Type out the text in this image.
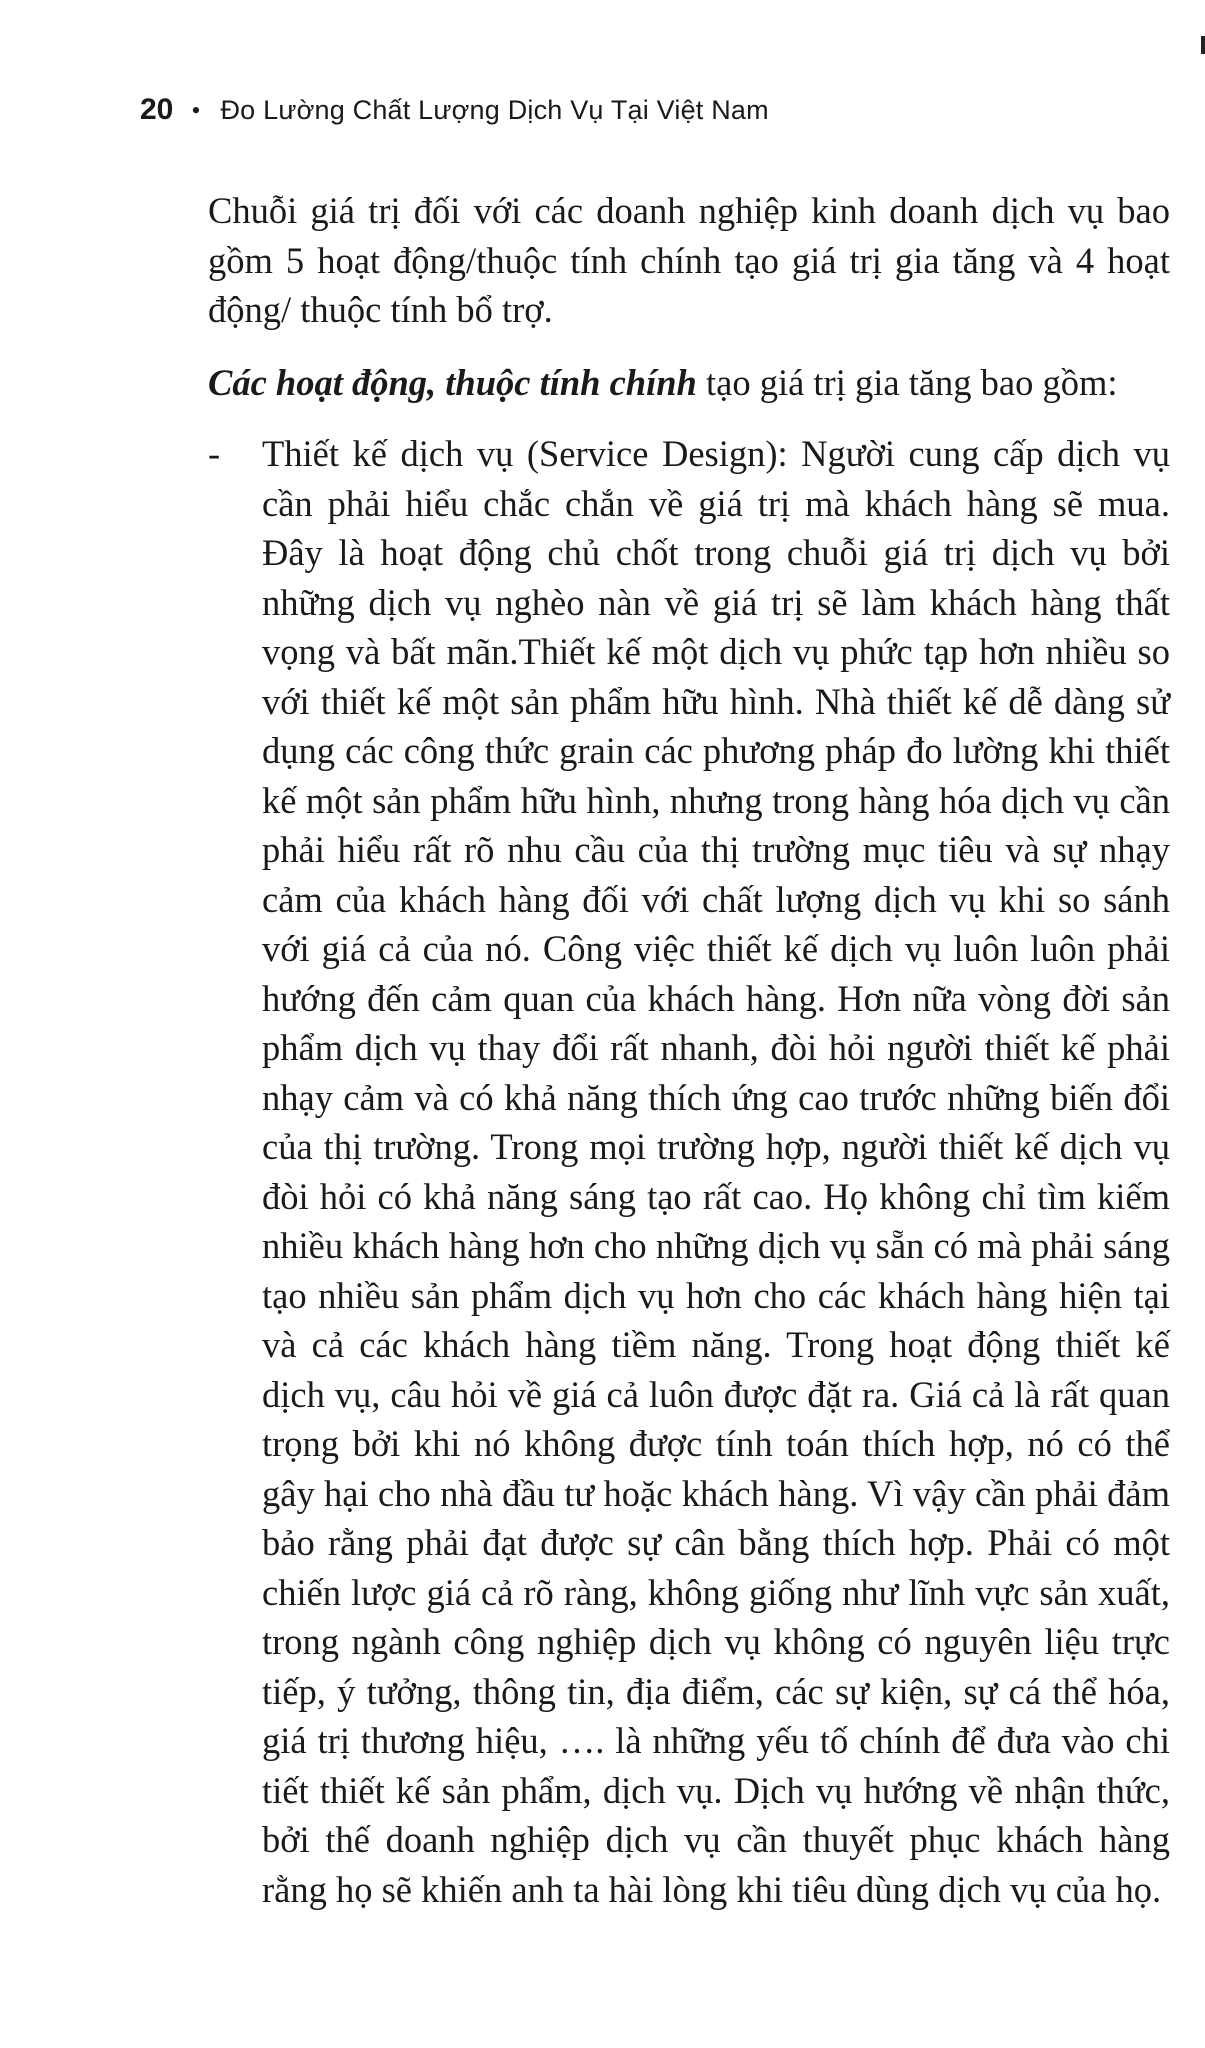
20 • Đo Lường Chất Lượng Dịch Vụ Tại Việt Nam

Chuỗi giá trị đối với các doanh nghiệp kinh doanh dịch vụ bao gồm 5 hoạt động/thuộc tính chính tạo giá trị gia tăng và 4 hoạt động/ thuộc tính bổ trợ.

Các hoạt động, thuộc tính chính tạo giá trị gia tăng bao gồm:

-	Thiết kế dịch vụ (Service Design): Người cung cấp dịch vụ cần phải hiểu chắc chắn về giá trị mà khách hàng sẽ mua. Đây là hoạt động chủ chốt trong chuỗi giá trị dịch vụ bởi những dịch vụ nghèo nàn về giá trị sẽ làm khách hàng thất vọng và bất mãn.Thiết kế một dịch vụ phức tạp hơn nhiều so với thiết kế một sản phẩm hữu hình. Nhà thiết kế dễ dàng sử dụng các công thức grain các phương pháp đo lường khi thiết kế một sản phẩm hữu hình, nhưng trong hàng hóa dịch vụ cần phải hiểu rất rõ nhu cầu của thị trường mục tiêu và sự nhạy cảm của khách hàng đối với chất lượng dịch vụ khi so sánh với giá cả của nó. Công việc thiết kế dịch vụ luôn luôn phải hướng đến cảm quan của khách hàng. Hơn nữa vòng đời sản phẩm dịch vụ thay đổi rất nhanh, đòi hỏi người thiết kế phải nhạy cảm và có khả năng thích ứng cao trước những biến đổi của thị trường. Trong mọi trường hợp, người thiết kế dịch vụ đòi hỏi có khả năng sáng tạo rất cao. Họ không chỉ tìm kiếm nhiều khách hàng hơn cho những dịch vụ sẵn có mà phải sáng tạo nhiều sản phẩm dịch vụ hơn cho các khách hàng hiện tại và cả các khách hàng tiềm năng. Trong hoạt động thiết kế dịch vụ, câu hỏi về giá cả luôn được đặt ra. Giá cả là rất quan trọng bởi khi nó không được tính toán thích hợp, nó có thể gây hại cho nhà đầu tư hoặc khách hàng. Vì vậy cần phải đảm bảo rằng phải đạt được sự cân bằng thích hợp. Phải có một chiến lược giá cả rõ ràng, không giống như lĩnh vực sản xuất, trong ngành công nghiệp dịch vụ không có nguyên liệu trực tiếp, ý tưởng, thông tin, địa điểm, các sự kiện, sự cá thể hóa, giá trị thương hiệu, …. là những yếu tố chính để đưa vào chi tiết thiết kế sản phẩm, dịch vụ. Dịch vụ hướng về nhận thức, bởi thế doanh nghiệp dịch vụ cần thuyết phục khách hàng rằng họ sẽ khiến anh ta hài lòng khi tiêu dùng dịch vụ của họ.
